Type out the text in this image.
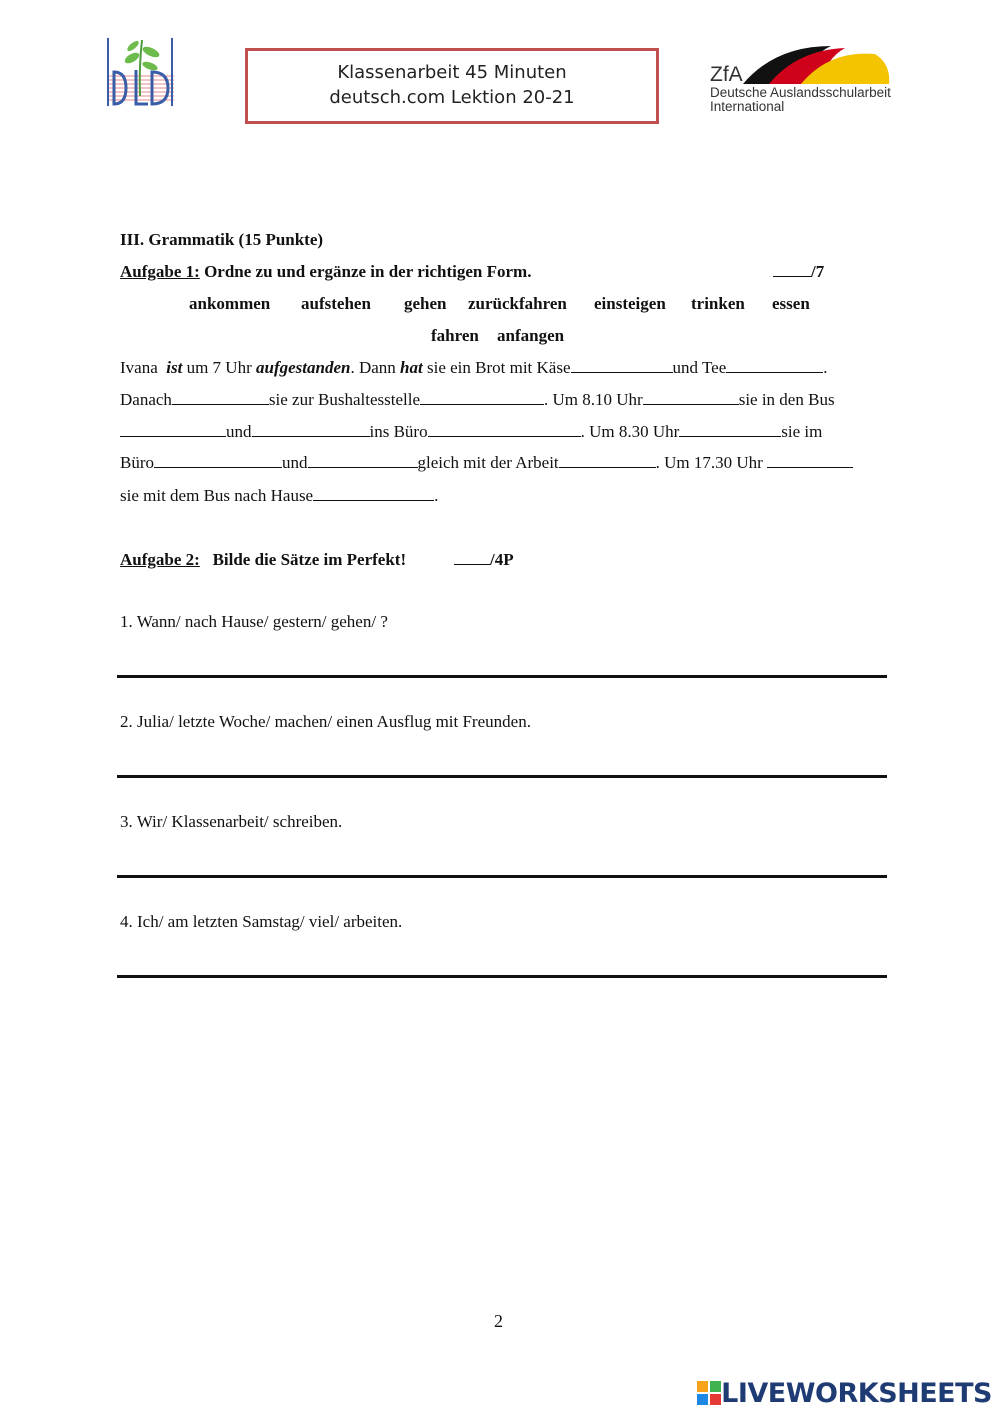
Klassenarbeit 45 Minuten
deutsch.com Lektion 20-21
ZfA
Deutsche Auslandsschularbeit
International
III. Grammatik (15 Punkte)
Aufgabe 1: Ordne zu und ergänze in der richtigen Form.	/7
ankommen aufstehen gehen zurückfahren einsteigen trinken essen
fahren anfangen
Ivana ist um 7 Uhr aufgestanden. Dann hat sie ein Brot mit Käse	und Tee	.
Danach	sie zur Bushaltesstelle	. Um 8.10 Uhr	sie in den Bus
und	ins Büro	. Um 8.30 Uhr	sie im
Büro	und	gleich mit der Arbeit	. Um 17.30 Uhr
sie mit dem Bus nach Hause	.
Aufgabe 2: Bilde die Sätze im Perfekt!	/4P
1. Wann/ nach Hause/ gestern/ gehen/ ?
2. Julia/ letzte Woche/ machen/ einen Ausflug mit Freunden.
3. Wir/ Klassenarbeit/ schreiben.
4. Ich/ am letzten Samstag/ viel/ arbeiten.
2
LIVEWORKSHEETS
